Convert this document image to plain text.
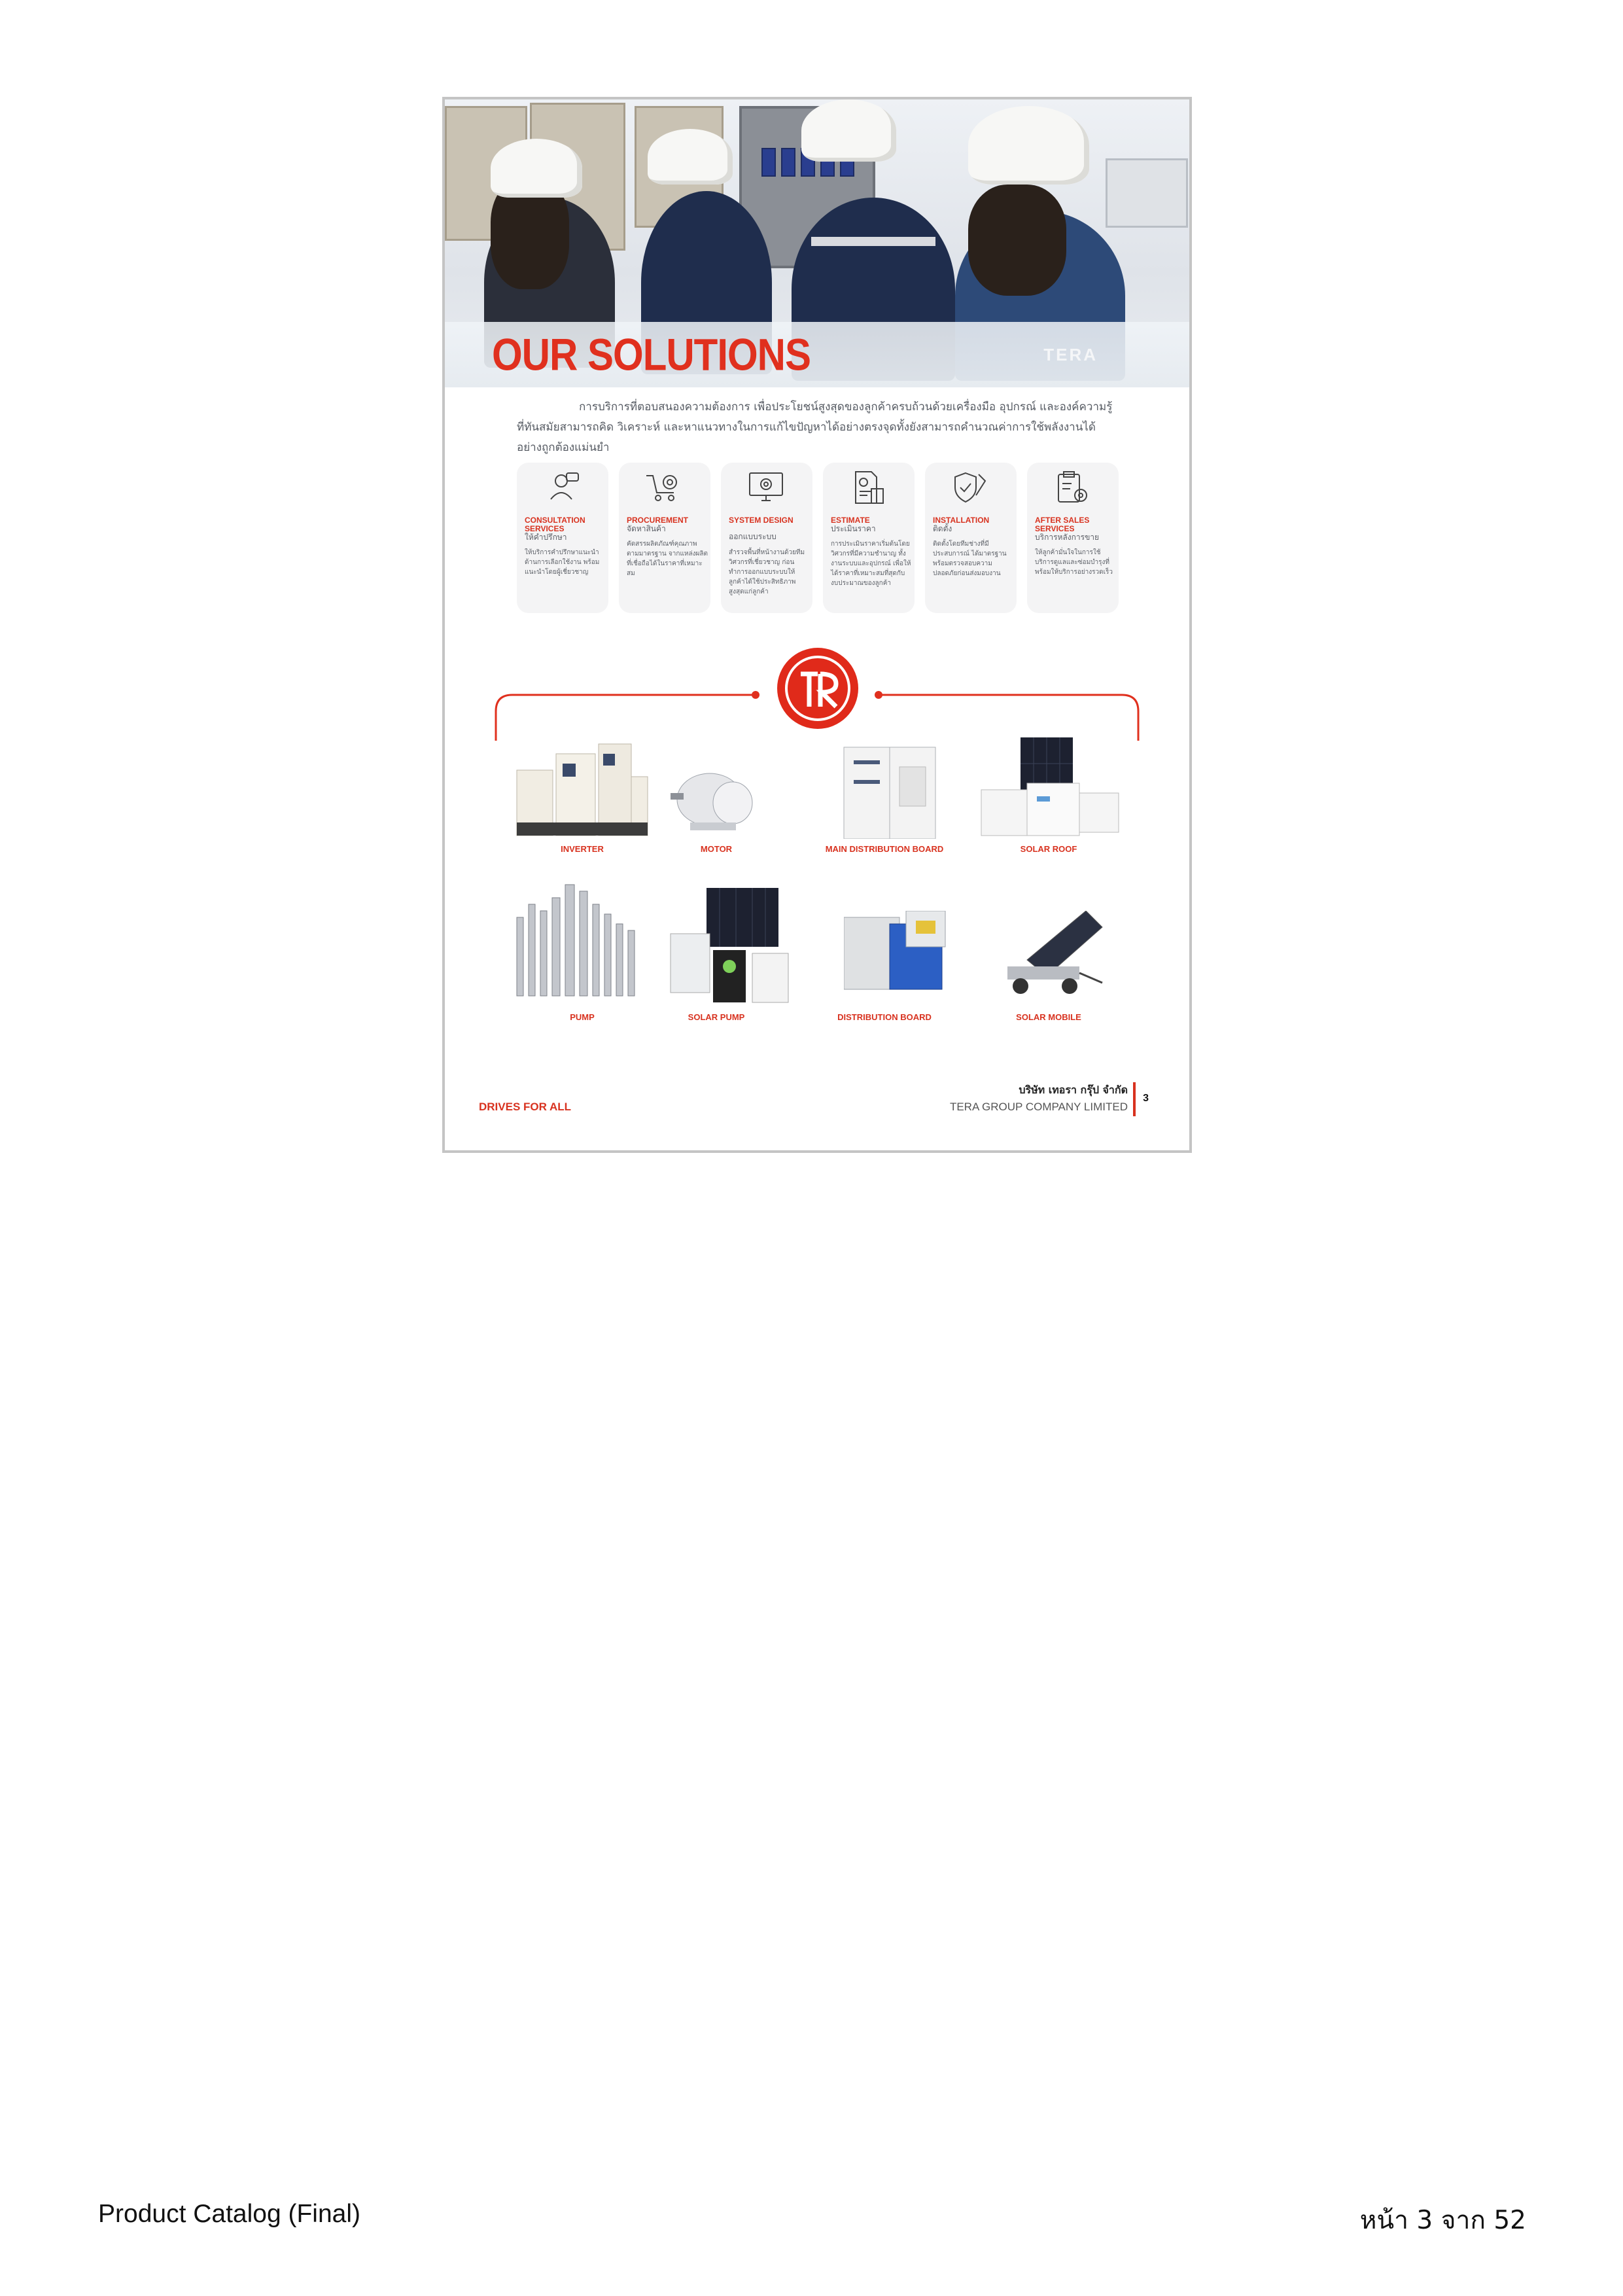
OUR SOLUTIONS	TERA
การบริการที่ตอบสนองความต้องการ เพื่อประโยชน์สูงสุดของลูกค้าครบถ้วนด้วยเครื่องมือ อุปกรณ์ และองค์ความรู้ที่ทันสมัยสามารถคิด วิเคราะห์ และหาแนวทางในการแก้ไขปัญหาได้อย่างตรงจุดทั้งยังสามารถคำนวณค่าการใช้พลังงานได้อย่างถูกต้องแม่นยำ
CONSULTATION SERVICES
ให้คำปรึกษา
ให้บริการคำปรึกษาแนะนำด้านการเลือกใช้งาน พร้อมแนะนำโดยผู้เชี่ยวชาญ
PROCUREMENT
จัดหาสินค้า
คัดสรรผลิตภัณฑ์คุณภาพตามมาตรฐาน จากแหล่งผลิตที่เชื่อถือได้ในราคาที่เหมาะสม
SYSTEM DESIGN
ออกแบบระบบ
สำรวจพื้นที่หน้างานด้วยทีมวิศวกรที่เชี่ยวชาญ ก่อนทำการออกแบบระบบให้ลูกค้าได้ใช้ประสิทธิภาพสูงสุดแก่ลูกค้า
ESTIMATE
ประเมินราคา
การประเมินราคาเริ่มต้นโดยวิศวกรที่มีความชำนาญ ทั้งงานระบบและอุปกรณ์ เพื่อให้ได้ราคาที่เหมาะสมที่สุดกับงบประมาณของลูกค้า
INSTALLATION
ติดตั้ง
ติดตั้งโดยทีมช่างที่มีประสบการณ์ ได้มาตรฐาน พร้อมตรวจสอบความปลอดภัยก่อนส่งมอบงาน
AFTER SALES SERVICES
บริการหลังการขาย
ให้ลูกค้ามั่นใจในการใช้บริการดูแลและซ่อมบำรุงที่พร้อมให้บริการอย่างรวดเร็ว
INVERTER	MOTOR	MAIN DISTRIBUTION BOARD	SOLAR ROOF
PUMP	SOLAR PUMP	DISTRIBUTION BOARD	SOLAR MOBILE
DRIVES FOR ALL
บริษัท เทอรา กรุ๊ป จำกัด
TERA GROUP COMPANY LIMITED
3
Product Catalog (Final)	หน้า 3 จาก 52
